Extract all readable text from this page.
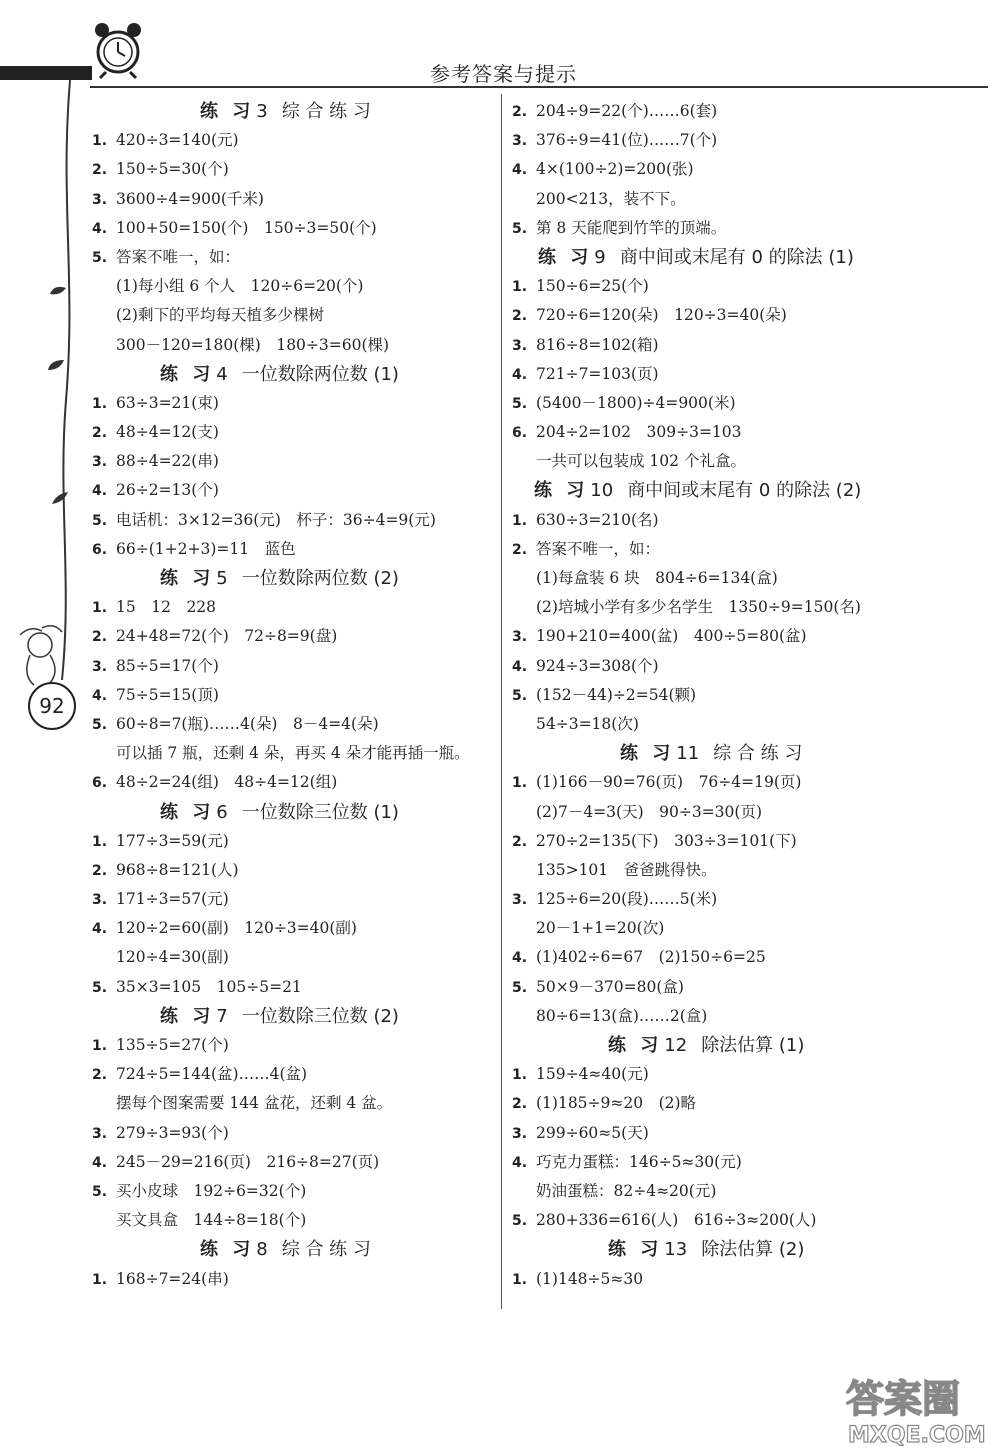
参考答案与提示
92
练 习 3 综 合 练 习
1. 420÷3=140(元)
2. 150÷5=30(个)
3. 3600÷4=900(千米)
4. 100+50=150(个)　150÷3=50(个)
5. 答案不唯一，如：
(1)每小组 6 个人　120÷6=20(个)
(2)剩下的平均每天植多少棵树
300－120=180(棵)　180÷3=60(棵)
练 习 4 一位数除两位数 (1)
1. 63÷3=21(束)
2. 48÷4=12(支)
3. 88÷4=22(串)
4. 26÷2=13(个)
5. 电话机：3×12=36(元)　杯子：36÷4=9(元)
6. 66÷(1+2+3)=11　蓝色
练 习 5 一位数除两位数 (2)
1. 15　12　228
2. 24+48=72(个)　72÷8=9(盘)
3. 85÷5=17(个)
4. 75÷5=15(顶)
5. 60÷8=7(瓶)……4(朵)　8－4=4(朵)
可以插 7 瓶，还剩 4 朵，再买 4 朵才能再插一瓶。
6. 48÷2=24(组)　48÷4=12(组)
练 习 6 一位数除三位数 (1)
1. 177÷3=59(元)
2. 968÷8=121(人)
3. 171÷3=57(元)
4. 120÷2=60(副)　120÷3=40(副)
120÷4=30(副)
5. 35×3=105　105÷5=21
练 习 7 一位数除三位数 (2)
1. 135÷5=27(个)
2. 724÷5=144(盆)……4(盆)
摆每个图案需要 144 盆花，还剩 4 盆。
3. 279÷3=93(个)
4. 245－29=216(页)　216÷8=27(页)
5. 买小皮球　192÷6=32(个)
买文具盒　144÷8=18(个)
练 习 8 综 合 练 习
1. 168÷7=24(串)
2. 204÷9=22(个)……6(套)
3. 376÷9=41(位)……7(个)
4. 4×(100÷2)=200(张)
200<213，装不下。
5. 第 8 天能爬到竹竿的顶端。
练 习 9 商中间或末尾有 0 的除法 (1)
1. 150÷6=25(个)
2. 720÷6=120(朵)　120÷3=40(朵)
3. 816÷8=102(箱)
4. 721÷7=103(页)
5. (5400－1800)÷4=900(米)
6. 204÷2=102　309÷3=103
一共可以包装成 102 个礼盒。
练 习 10 商中间或末尾有 0 的除法 (2)
1. 630÷3=210(名)
2. 答案不唯一，如：
(1)每盒装 6 块　804÷6=134(盒)
(2)培城小学有多少名学生　1350÷9=150(名)
3. 190+210=400(盆)　400÷5=80(盆)
4. 924÷3=308(个)
5. (152－44)÷2=54(颗)
54÷3=18(次)
练 习 11 综 合 练 习
1. (1)166－90=76(页)　76÷4=19(页)
(2)7－4=3(天)　90÷3=30(页)
2. 270÷2=135(下)　303÷3=101(下)
135>101　爸爸跳得快。
3. 125÷6=20(段)……5(米)
20－1+1=20(次)
4. (1)402÷6=67　(2)150÷6=25
5. 50×9－370=80(盒)
80÷6=13(盒)……2(盒)
练 习 12 除法估算 (1)
1. 159÷4≈40(元)
2. (1)185÷9≈20　(2)略
3. 299÷60≈5(天)
4. 巧克力蛋糕：146÷5≈30(元)
奶油蛋糕：82÷4≈20(元)
5. 280+336=616(人)　616÷3≈200(人)
练 习 13 除法估算 (2)
1. (1)148÷5≈30
答案圈
MXQE.COM
